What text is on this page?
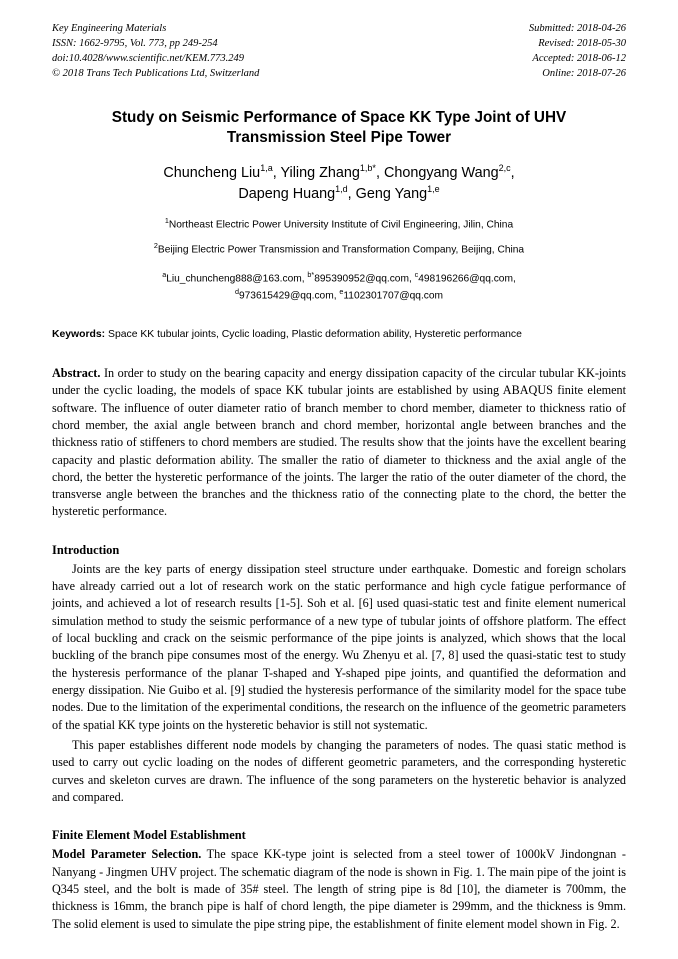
Key Engineering Materials
ISSN: 1662-9795, Vol. 773, pp 249-254
doi:10.4028/www.scientific.net/KEM.773.249
© 2018 Trans Tech Publications Ltd, Switzerland
Submitted: 2018-04-26
Revised: 2018-05-30
Accepted: 2018-06-12
Online: 2018-07-26
Study on Seismic Performance of Space KK Type Joint of UHV
Transmission Steel Pipe Tower
Chuncheng Liu$^{1,a}$, Yiling Zhang$^{1,b*}$, Chongyang Wang$^{2,c}$,
Dapeng Huang$^{1,d}$, Geng Yang$^{1,e}$
$^1$Northeast Electric Power University Institute of Civil Engineering, Jilin, China
$^2$Beijing Electric Power Transmission and Transformation Company, Beijing, China
$^a$Liu_chuncheng888@163.com, $^{b*}$895390952@qq.com, $^c$498196266@qq.com,
$^d$973615429@qq.com, $^e$1102301707@qq.com
Keywords: Space KK tubular joints, Cyclic loading, Plastic deformation ability, Hysteretic performance
Abstract. In order to study on the bearing capacity and energy dissipation capacity of the circular tubular KK-joints under the cyclic loading, the models of space KK tubular joints are established by using ABAQUS finite element software. The influence of outer diameter ratio of branch member to chord member, diameter to thickness ratio of chord member, the axial angle between branch and chord member, horizontal angle between branches and the thickness ratio of stiffeners to chord members are studied. The results show that the joints have the excellent bearing capacity and plastic deformation ability. The smaller the ratio of diameter to thickness and the axial angle of the chord, the better the hysteretic performance of the joints. The larger the ratio of the outer diameter of the chord, the transverse angle between the branches and the thickness ratio of the connecting plate to the chord, the better the hysteretic performance.
Introduction

Joints are the key parts of energy dissipation steel structure under earthquake. Domestic and foreign scholars have already carried out a lot of research work on the static performance and high cycle fatigue performance of joints, and achieved a lot of research results [1-5]. Soh et al. [6] used quasi-static test and finite element numerical simulation method to study the seismic performance of a new type of tubular joints of offshore platform. The effect of local buckling and crack on the seismic performance of the pipe joints is analyzed, which shows that the local buckling of the branch pipe consumes most of the energy. Wu Zhenyu et al. [7, 8] used the quasi-static test to study the hysteresis performance of the planar T-shaped and Y-shaped pipe joints, and quantified the deformation and energy dissipation. Nie Guibo et al. [9] studied the hysteresis performance of the similarity model for the space tube nodes. Due to the limitation of the experimental conditions, the research on the influence of the geometric parameters of the spatial KK type joints on the hysteretic behavior is still not systematic.

This paper establishes different node models by changing the parameters of nodes. The quasi static method is used to carry out cyclic loading on the nodes of different geometric parameters, and the corresponding hysteretic curves and skeleton curves are drawn. The influence of the song parameters on the hysteretic behavior is analyzed and compared.

Finite Element Model Establishment

Model Parameter Selection. The space KK-type joint is selected from a steel tower of 1000kV Jindongnan - Nanyang - Jingmen UHV project. The schematic diagram of the node is shown in Fig. 1. The main pipe of the joint is Q345 steel, and the bolt is made of 35# steel. The length of string pipe is 8d [10], the diameter is 700mm, the thickness is 16mm, the branch pipe is half of chord length, the pipe diameter is 299mm, and the thickness is 9mm. The solid element is used to simulate the pipe string pipe, the establishment of finite element model shown in Fig. 2.
